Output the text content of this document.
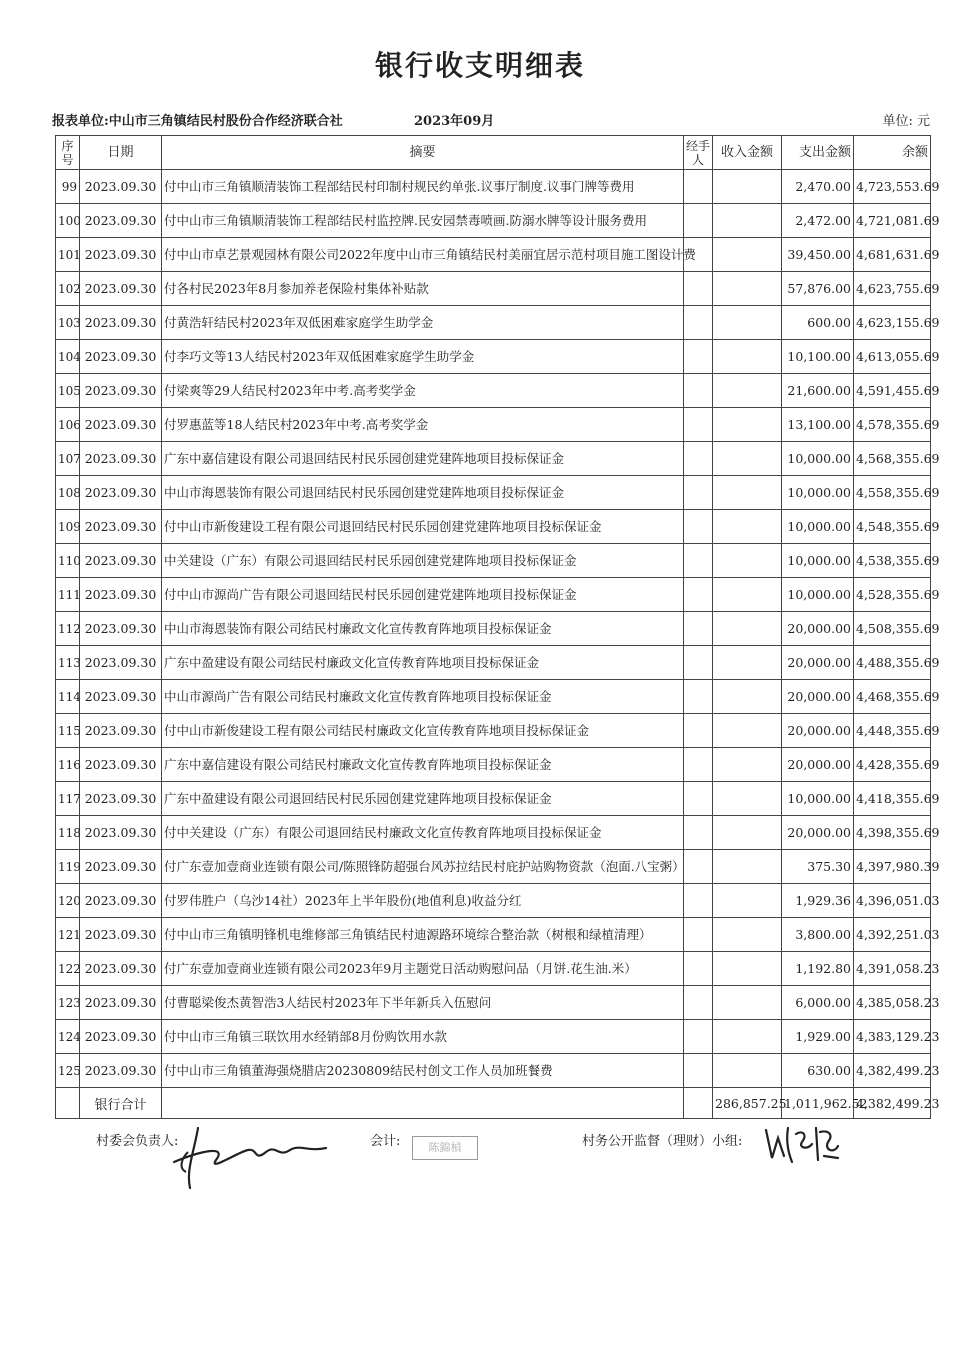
银行收支明细表
报表单位:中山市三角镇结民村股份合作经济联合社	2023年09月	单位: 元
序号	日期	摘要	经手人	收入金额	支出金额	余额
99	2023.09.30	付中山市三角镇顺清装饰工程部结民村印制村规民约单张.议事厅制度.议事门牌等费用			2,470.00	4,723,553.69
100	2023.09.30	付中山市三角镇顺清装饰工程部结民村监控牌.民安园禁毒喷画.防溺水牌等设计服务费用			2,472.00	4,721,081.69
101	2023.09.30	付中山市卓艺景观园林有限公司2022年度中山市三角镇结民村美丽宜居示范村项目施工图设计费			39,450.00	4,681,631.69
102	2023.09.30	付各村民2023年8月参加养老保险村集体补贴款			57,876.00	4,623,755.69
103	2023.09.30	付黄浩轩结民村2023年双低困难家庭学生助学金			600.00	4,623,155.69
104	2023.09.30	付李巧文等13人结民村2023年双低困难家庭学生助学金			10,100.00	4,613,055.69
105	2023.09.30	付梁爽等29人结民村2023年中考.高考奖学金			21,600.00	4,591,455.69
106	2023.09.30	付罗惠蓝等18人结民村2023年中考.高考奖学金			13,100.00	4,578,355.69
107	2023.09.30	广东中嘉信建设有限公司退回结民村民乐园创建党建阵地项目投标保证金			10,000.00	4,568,355.69
108	2023.09.30	中山市海恩装饰有限公司退回结民村民乐园创建党建阵地项目投标保证金			10,000.00	4,558,355.69
109	2023.09.30	付中山市新俊建设工程有限公司退回结民村民乐园创建党建阵地项目投标保证金			10,000.00	4,548,355.69
110	2023.09.30	中关建设（广东）有限公司退回结民村民乐园创建党建阵地项目投标保证金			10,000.00	4,538,355.69
111	2023.09.30	付中山市源尚广告有限公司退回结民村民乐园创建党建阵地项目投标保证金			10,000.00	4,528,355.69
112	2023.09.30	中山市海恩装饰有限公司结民村廉政文化宣传教育阵地项目投标保证金			20,000.00	4,508,355.69
113	2023.09.30	广东中盈建设有限公司结民村廉政文化宣传教育阵地项目投标保证金			20,000.00	4,488,355.69
114	2023.09.30	中山市源尚广告有限公司结民村廉政文化宣传教育阵地项目投标保证金			20,000.00	4,468,355.69
115	2023.09.30	付中山市新俊建设工程有限公司结民村廉政文化宣传教育阵地项目投标保证金			20,000.00	4,448,355.69
116	2023.09.30	广东中嘉信建设有限公司结民村廉政文化宣传教育阵地项目投标保证金			20,000.00	4,428,355.69
117	2023.09.30	广东中盈建设有限公司退回结民村民乐园创建党建阵地项目投标保证金			10,000.00	4,418,355.69
118	2023.09.30	付中关建设（广东）有限公司退回结民村廉政文化宣传教育阵地项目投标保证金			20,000.00	4,398,355.69
119	2023.09.30	付广东壹加壹商业连锁有限公司/陈照锋防超强台风苏拉结民村庇护站购物资款（泡面.八宝粥）			375.30	4,397,980.39
120	2023.09.30	付罗伟胜户（乌沙14社）2023年上半年股份(地值利息)收益分红			1,929.36	4,396,051.03
121	2023.09.30	付中山市三角镇明锋机电维修部三角镇结民村迪源路环境综合整治款（树根和绿植清理）			3,800.00	4,392,251.03
122	2023.09.30	付广东壹加壹商业连锁有限公司2023年9月主题党日活动购慰问品（月饼.花生油.米）			1,192.80	4,391,058.23
123	2023.09.30	付曹聪梁俊杰黄智浩3人结民村2023年下半年新兵入伍慰问			6,000.00	4,385,058.23
124	2023.09.30	付中山市三角镇三联饮用水经销部8月份购饮用水款			1,929.00	4,383,129.23
125	2023.09.30	付中山市三角镇董海强烧腊店20230809结民村创文工作人员加班餐费			630.00	4,382,499.23
	银行合计			286,857.25	1,011,962.52	4,382,499.23
村委会负责人:	会计:	陈錦楨	村务公开监督（理财）小组:
